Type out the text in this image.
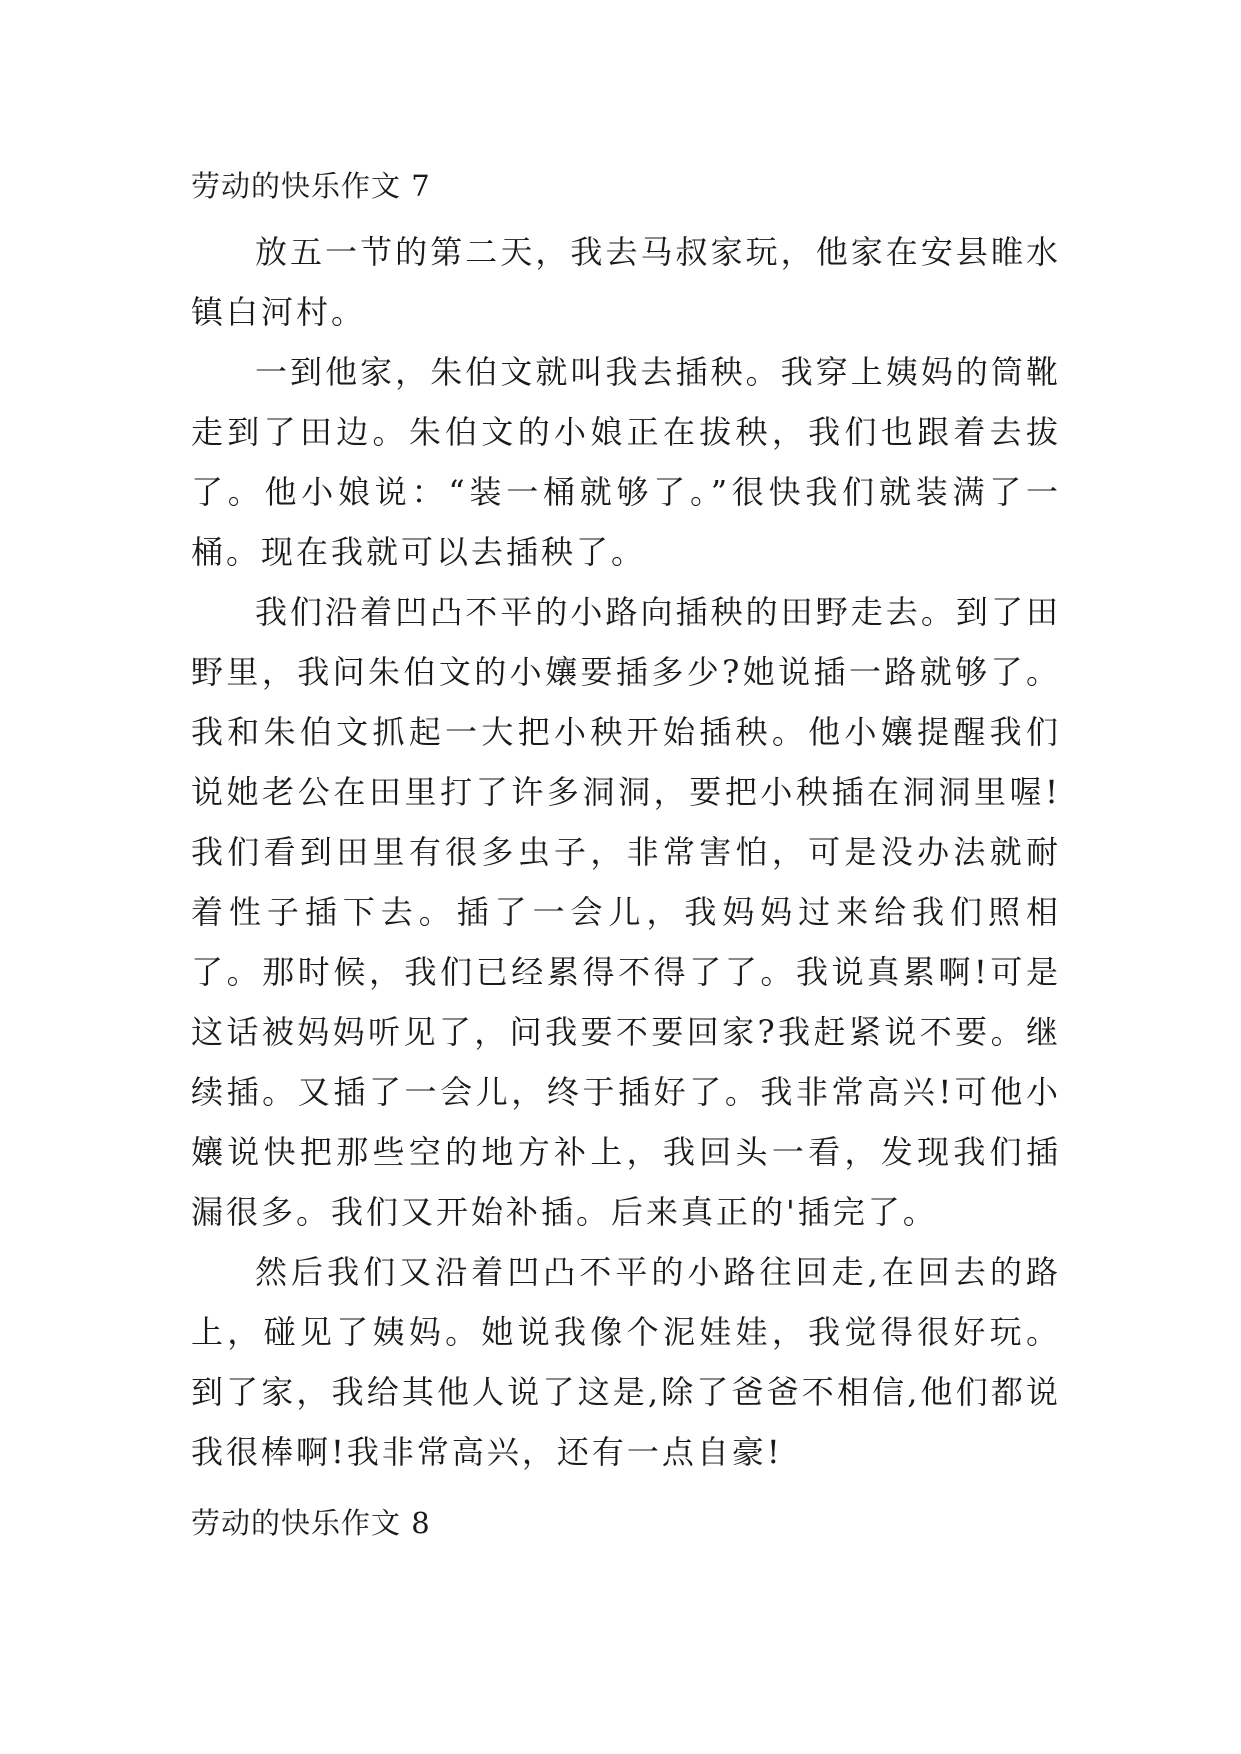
劳动的快乐作文 7

放五一节的第二天，我去马叔家玩，他家在安县睢水镇白河村。

一到他家，朱伯文就叫我去插秧。我穿上姨妈的筒靴走到了田边。朱伯文的小娘正在拔秧，我们也跟着去拔了。他小娘说：“装一桶就够了。”很快我们就装满了一桶。现在我就可以去插秧了。

我们沿着凹凸不平的小路向插秧的田野走去。到了田野里，我问朱伯文的小孃要插多少?她说插一路就够了。我和朱伯文抓起一大把小秧开始插秧。他小孃提醒我们说她老公在田里打了许多洞洞，要把小秧插在洞洞里喔!我们看到田里有很多虫子，非常害怕，可是没办法就耐着性子插下去。插了一会儿，我妈妈过来给我们照相了。那时候，我们已经累得不得了了。我说真累啊!可是这话被妈妈听见了，问我要不要回家?我赶紧说不要。继续插。又插了一会儿，终于插好了。我非常高兴!可他小孃说快把那些空的地方补上，我回头一看，发现我们插漏很多。我们又开始补插。后来真正的'插完了。

然后我们又沿着凹凸不平的小路往回走,在回去的路上，碰见了姨妈。她说我像个泥娃娃，我觉得很好玩。到了家，我给其他人说了这是,除了爸爸不相信,他们都说我很棒啊!我非常高兴，还有一点自豪!

劳动的快乐作文 8
